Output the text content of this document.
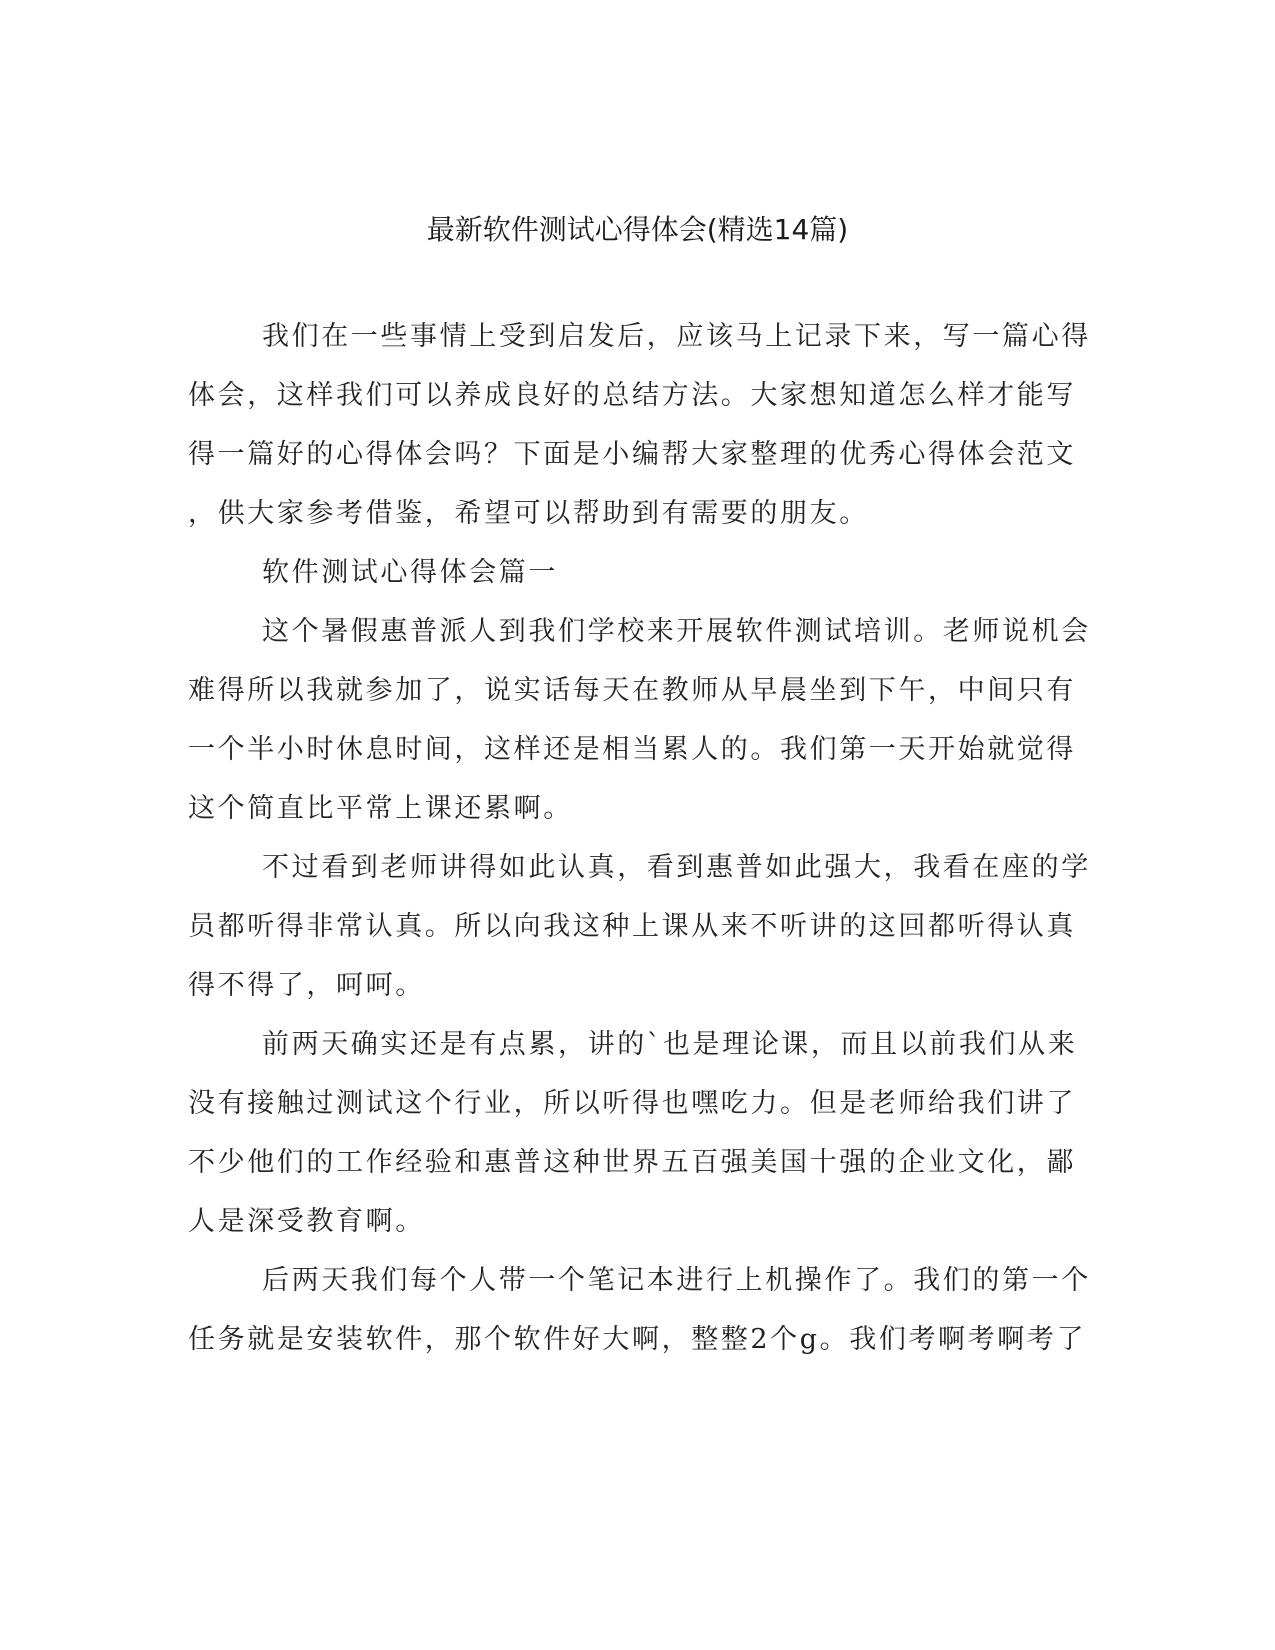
最新软件测试心得体会(精选14篇)
我们在一些事情上受到启发后，应该马上记录下来，写一篇心得
体会，这样我们可以养成良好的总结方法。大家想知道怎么样才能写
得一篇好的心得体会吗？下面是小编帮大家整理的优秀心得体会范文
，供大家参考借鉴，希望可以帮助到有需要的朋友。
软件测试心得体会篇一
这个暑假惠普派人到我们学校来开展软件测试培训。老师说机会
难得所以我就参加了，说实话每天在教师从早晨坐到下午，中间只有
一个半小时休息时间，这样还是相当累人的。我们第一天开始就觉得
这个简直比平常上课还累啊。
不过看到老师讲得如此认真，看到惠普如此强大，我看在座的学
员都听得非常认真。所以向我这种上课从来不听讲的这回都听得认真
得不得了，呵呵。
前两天确实还是有点累，讲的`也是理论课，而且以前我们从来
没有接触过测试这个行业，所以听得也嘿吃力。但是老师给我们讲了
不少他们的工作经验和惠普这种世界五百强美国十强的企业文化，鄙
人是深受教育啊。
后两天我们每个人带一个笔记本进行上机操作了。我们的第一个
任务就是安装软件，那个软件好大啊，整整2个g。我们考啊考啊考了
